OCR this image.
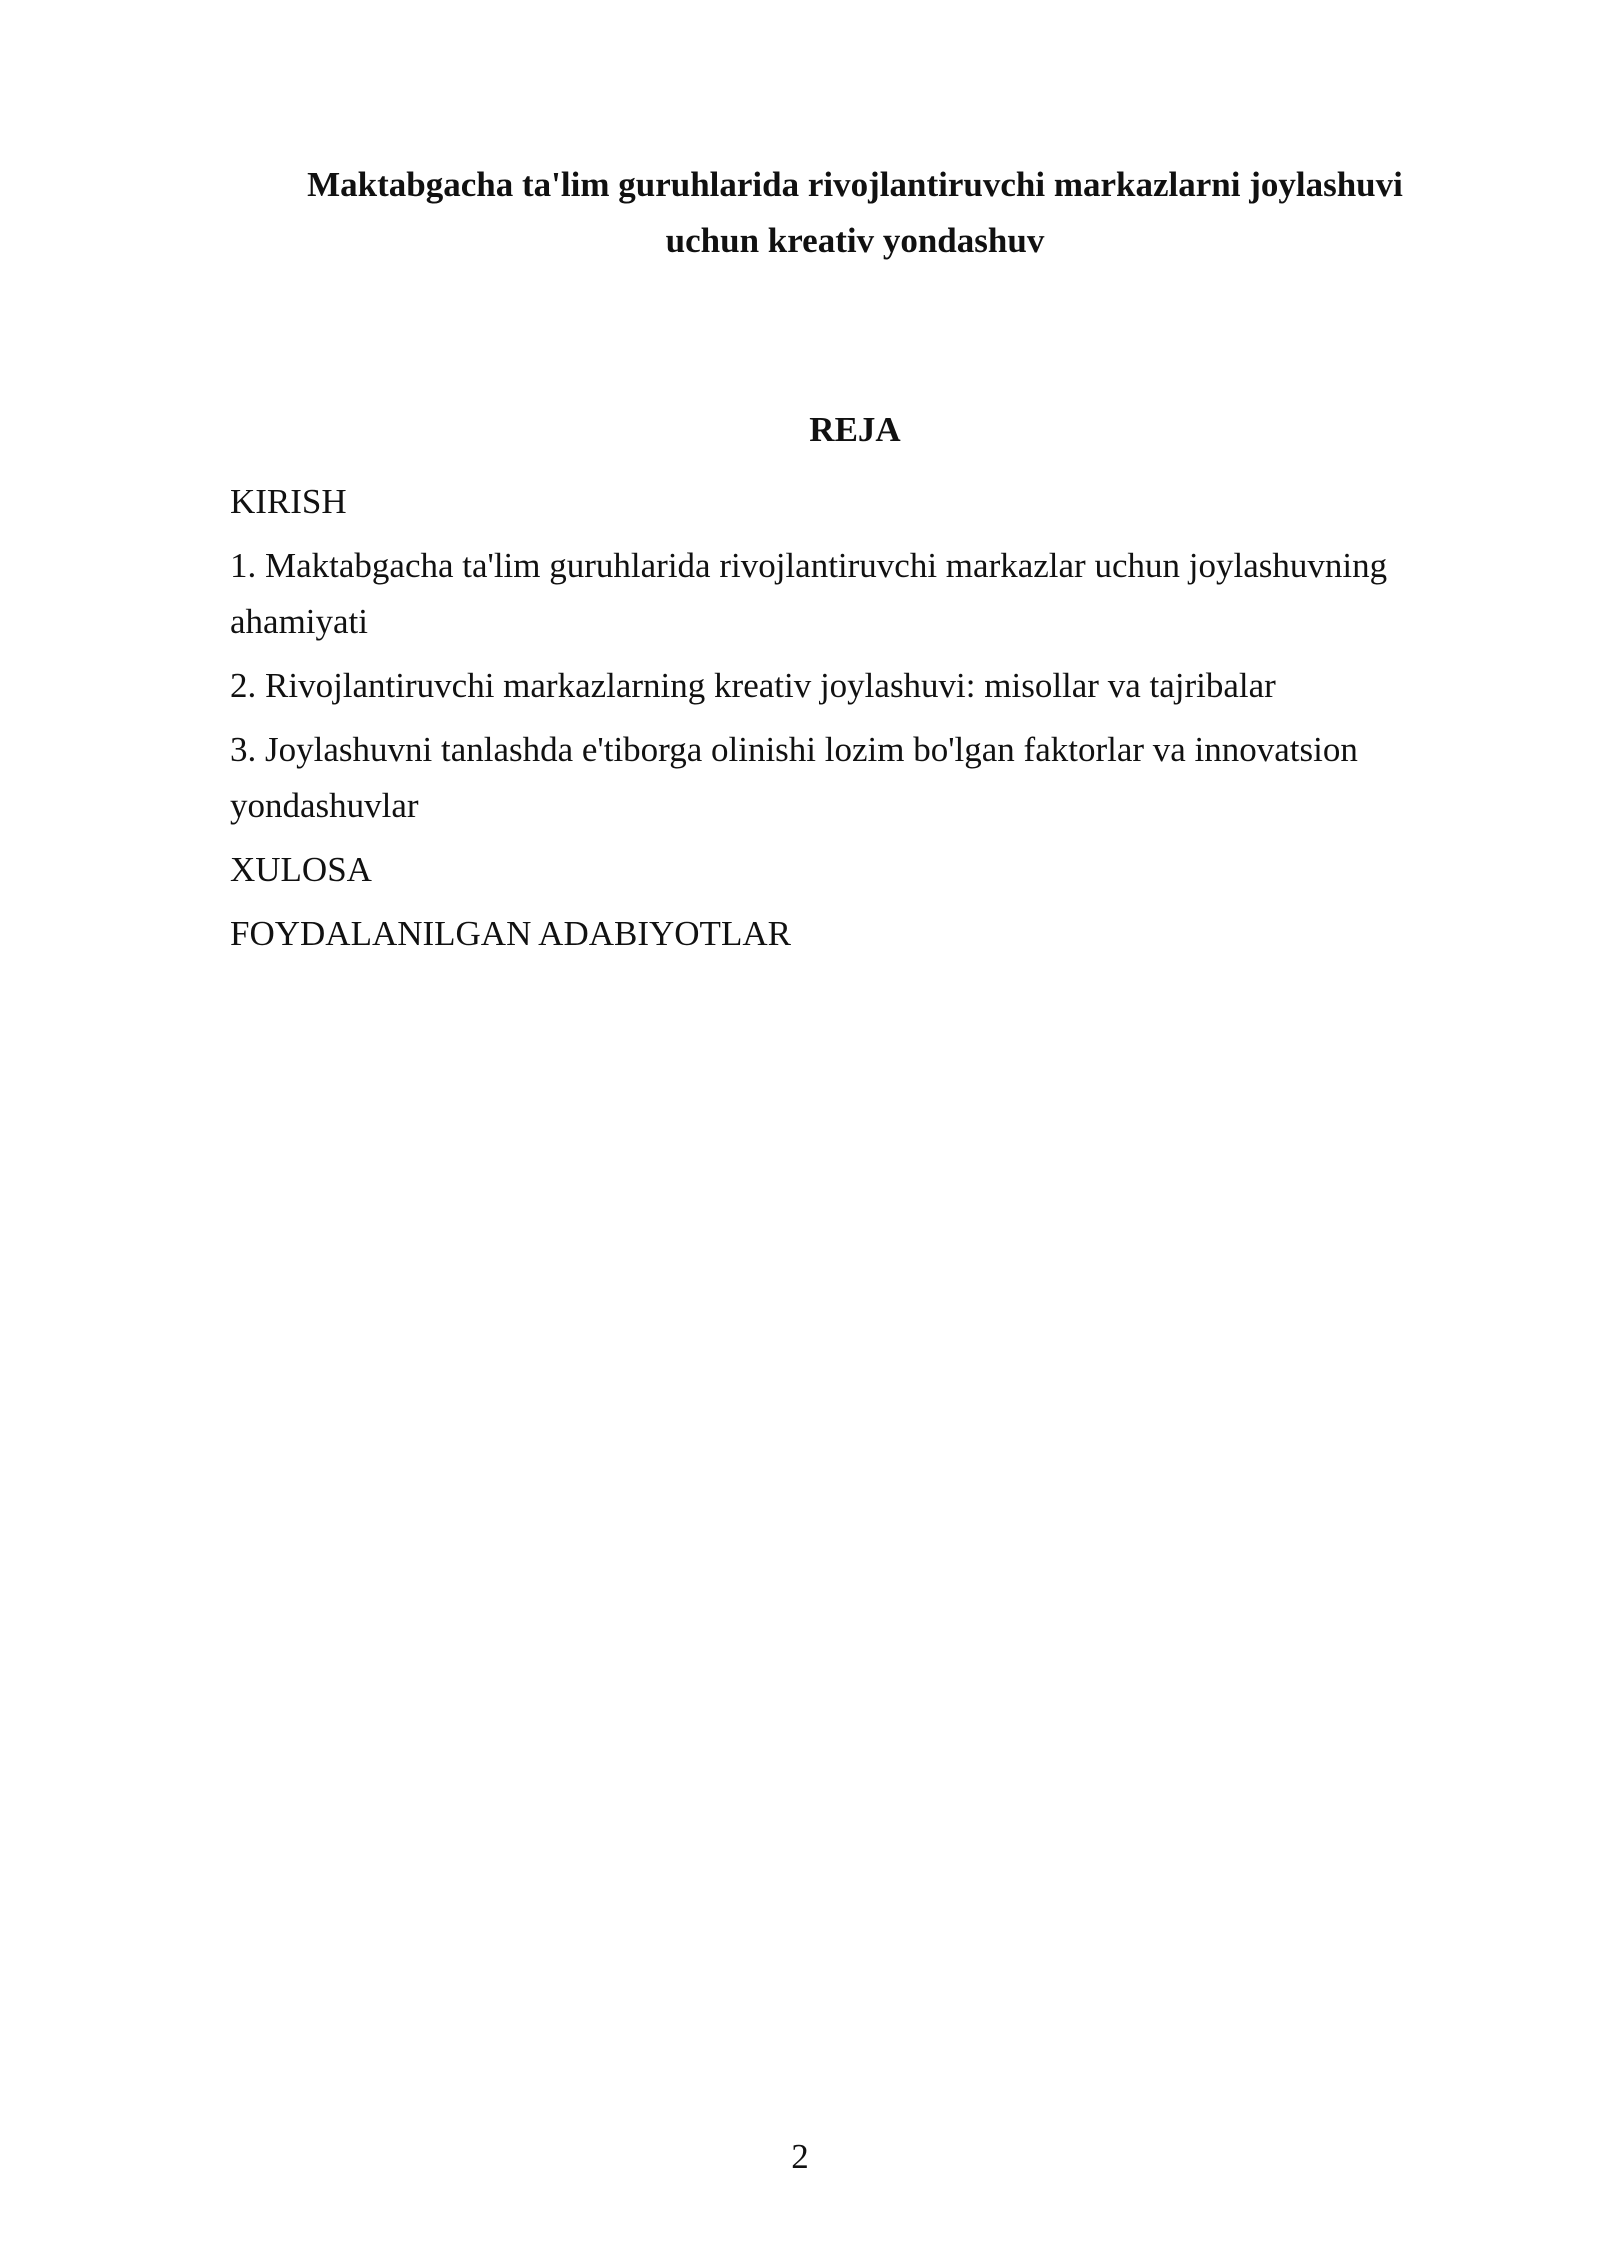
Maktabgacha ta'lim guruhlarida rivojlantiruvchi markazlarni joylashuvi
uchun kreativ yondashuv
REJA
KIRISH
1. Maktabgacha ta'lim guruhlarida rivojlantiruvchi markazlar uchun joylashuvning ahamiyati
2. Rivojlantiruvchi markazlarning kreativ joylashuvi: misollar va tajribalar
3. Joylashuvni tanlashda e'tiborga olinishi lozim bo'lgan faktorlar va innovatsion yondashuvlar
XULOSA
FOYDALANILGAN ADABIYOTLAR
2
